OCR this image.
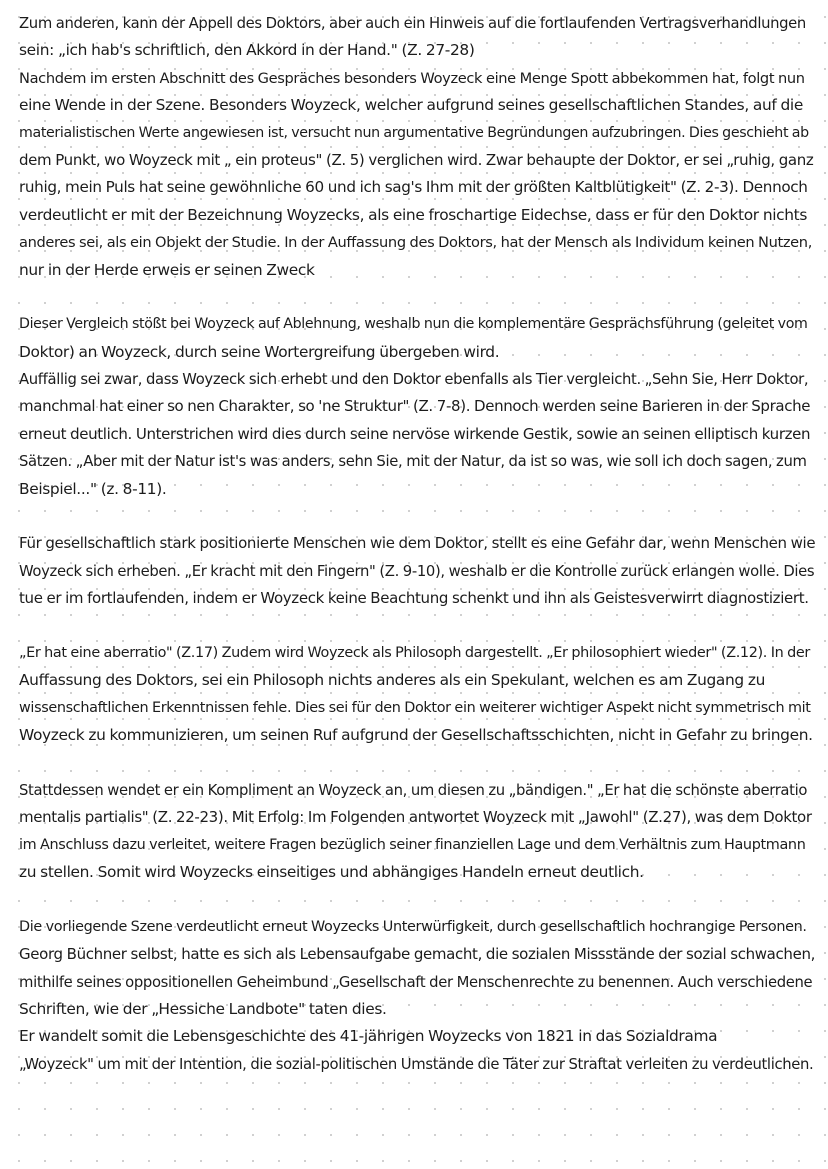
Zum anderen, kann der Appell des Doktors, aber auch ein Hinweis auf die fortlaufenden Vertragsverhandlungen
sein: „ich hab's schriftlich, den Akkord in der Hand." (Z. 27-28)
Nachdem im ersten Abschnitt des Gespräches besonders Woyzeck eine Menge Spott abbekommen hat, folgt nun
eine Wende in der Szene. Besonders Woyzeck, welcher aufgrund seines gesellschaftlichen Standes, auf die
materialistischen Werte angewiesen ist, versucht nun argumentative Begründungen aufzubringen. Dies geschieht ab
dem Punkt, wo Woyzeck mit „ ein proteus" (Z. 5) verglichen wird. Zwar behaupte der Doktor, er sei „ruhig, ganz
ruhig, mein Puls hat seine gewöhnliche 60 und ich sag's Ihm mit der größten Kaltblütigkeit" (Z. 2-3). Dennoch
verdeutlicht er mit der Bezeichnung Woyzecks, als eine froschartige Eidechse, dass er für den Doktor nichts
anderes sei, als ein Objekt der Studie. In der Auffassung des Doktors, hat der Mensch als Individum keinen Nutzen,
nur in der Herde erweis er seinen Zweck
Dieser Vergleich stößt bei Woyzeck auf Ablehnung, weshalb nun die komplementäre Gesprächsführung (geleitet vom
Doktor) an Woyzeck, durch seine Wortergreifung übergeben wird.
Auffällig sei zwar, dass Woyzeck sich erhebt und den Doktor ebenfalls als Tier vergleicht. „Sehn Sie, Herr Doktor,
manchmal hat einer so nen Charakter, so 'ne Struktur" (Z. 7-8). Dennoch werden seine Barieren in der Sprache
erneut deutlich. Unterstrichen wird dies durch seine nervöse wirkende Gestik, sowie an seinen elliptisch kurzen
Sätzen. „Aber mit der Natur ist's was anders, sehn Sie, mit der Natur, da ist so was, wie soll ich doch sagen, zum
Beispiel..." (z. 8-11).
Für gesellschaftlich stark positionierte Menschen wie dem Doktor, stellt es eine Gefahr dar, wenn Menschen wie
Woyzeck sich erheben. „Er kracht mit den Fingern" (Z. 9-10), weshalb er die Kontrolle zurück erlangen wolle. Dies
tue er im fortlaufenden, indem er Woyzeck keine Beachtung schenkt und ihn als Geistesverwirrt diagnostiziert.
„Er hat eine aberratio" (Z.17) Zudem wird Woyzeck als Philosoph dargestellt. „Er philosophiert wieder" (Z.12). In der
Auffassung des Doktors, sei ein Philosoph nichts anderes als ein Spekulant, welchen es am Zugang zu
wissenschaftlichen Erkenntnissen fehle. Dies sei für den Doktor ein weiterer wichtiger Aspekt nicht symmetrisch mit
Woyzeck zu kommunizieren, um seinen Ruf aufgrund der Gesellschaftsschichten, nicht in Gefahr zu bringen.
Stattdessen wendet er ein Kompliment an Woyzeck an, um diesen zu „bändigen." „Er hat die schönste aberratio
mentalis partialis" (Z. 22-23). Mit Erfolg: Im Folgenden antwortet Woyzeck mit „Jawohl" (Z.27), was dem Doktor
im Anschluss dazu verleitet, weitere Fragen bezüglich seiner finanziellen Lage und dem Verhältnis zum Hauptmann
zu stellen. Somit wird Woyzecks einseitiges und abhängiges Handeln erneut deutlich.
Die vorliegende Szene verdeutlicht erneut Woyzecks Unterwürfigkeit, durch gesellschaftlich hochrangige Personen.
Georg Büchner selbst, hatte es sich als Lebensaufgabe gemacht, die sozialen Missstände der sozial schwachen,
mithilfe seines oppositionellen Geheimbund „Gesellschaft der Menschenrechte zu benennen. Auch verschiedene
Schriften, wie der „Hessiche Landbote" taten dies.
Er wandelt somit die Lebensgeschichte des 41-jährigen Woyzecks von 1821 in das Sozialdrama
„Woyzeck" um mit der Intention, die sozial-politischen Umstände die Täter zur Straftat verleiten zu verdeutlichen.
